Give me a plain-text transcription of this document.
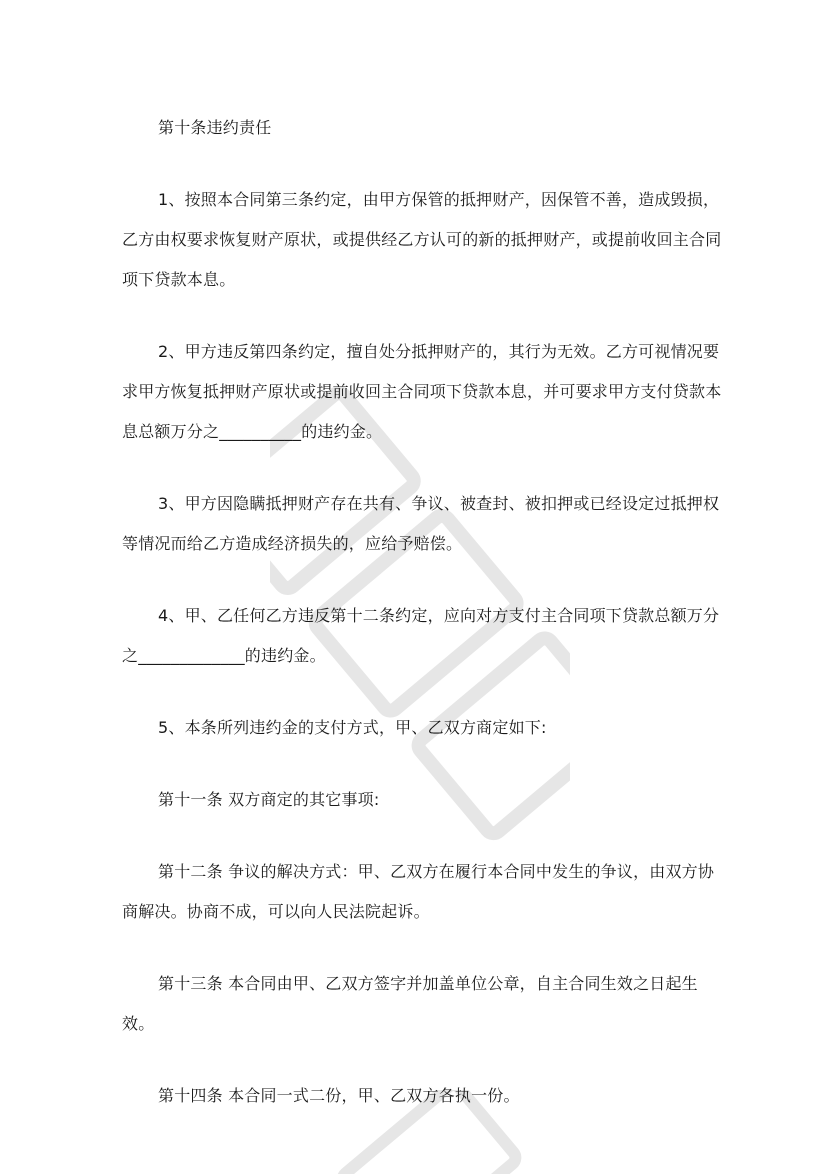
第十条违约责任

1、按照本合同第三条约定，由甲方保管的抵押财产，因保管不善，造成毁损，乙方由权要求恢复财产原状，或提供经乙方认可的新的抵押财产，或提前收回主合同项下贷款本息。

2、甲方违反第四条约定，擅自处分抵押财产的，其行为无效。乙方可视情况要求甲方恢复抵押财产原状或提前收回主合同项下贷款本息，并可要求甲方支付贷款本息总额万分之__________的违约金。

3、甲方因隐瞒抵押财产存在共有、争议、被查封、被扣押或已经设定过抵押权等情况而给乙方造成经济损失的，应给予赔偿。

4、甲、乙任何乙方违反第十二条约定，应向对方支付主合同项下贷款总额万分之_____________的违约金。

5、本条所列违约金的支付方式，甲、乙双方商定如下:

第十一条 双方商定的其它事项:

第十二条 争议的解决方式：甲、乙双方在履行本合同中发生的争议，由双方协商解决。协商不成，可以向人民法院起诉。

第十三条 本合同由甲、乙双方签字并加盖单位公章，自主合同生效之日起生效。

第十四条 本合同一式二份，甲、乙双方各执一份。
